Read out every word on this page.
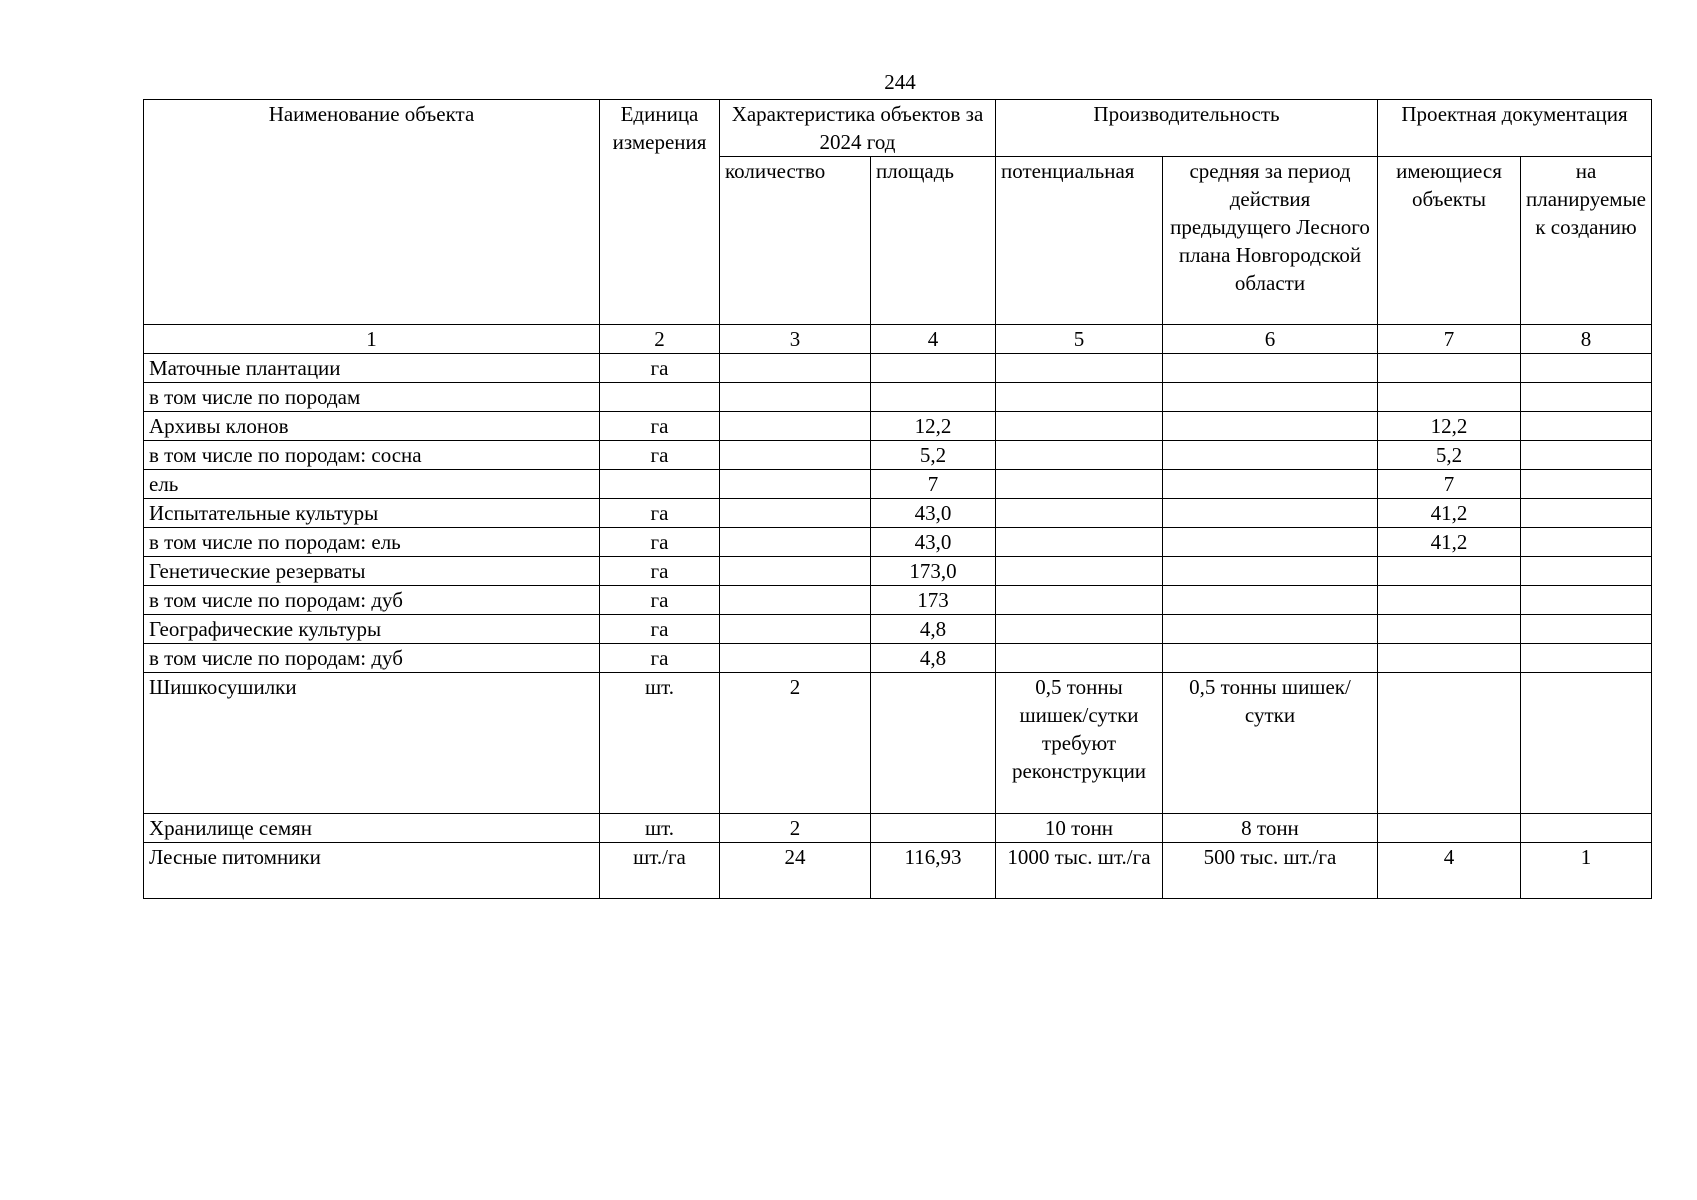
244
Наименование объекта	Единица измерения	Характеристика объектов за 2024 год		Производительность		Проектная документация	
		количество	площадь	потенциальная	средняя за период действия предыдущего Лесного плана Новгородской области	имеющиеся объекты	на планируемые к созданию
1	2	3	4	5	6	7	8
Маточные плантации	га						
в том числе по породам							
Архивы клонов	га		12,2			12,2	
в том числе по породам: сосна	га		5,2			5,2	
ель			7			7	
Испытательные культуры	га		43,0			41,2	
в том числе по породам: ель	га		43,0			41,2	
Генетические резерваты	га		173,0				
в том числе по породам: дуб	га		173				
Географические культуры	га		4,8				
в том числе по породам: дуб	га		4,8				
Шишкосушилки	шт.	2		0,5 тонны шишек/сутки требуют реконструкции	0,5 тонны шишек/сутки		
Хранилище семян	шт.	2		10 тонн	8 тонн		
Лесные питомники	шт./га	24	116,93	1000 тыс. шт./га	500 тыс. шт./га	4	1
